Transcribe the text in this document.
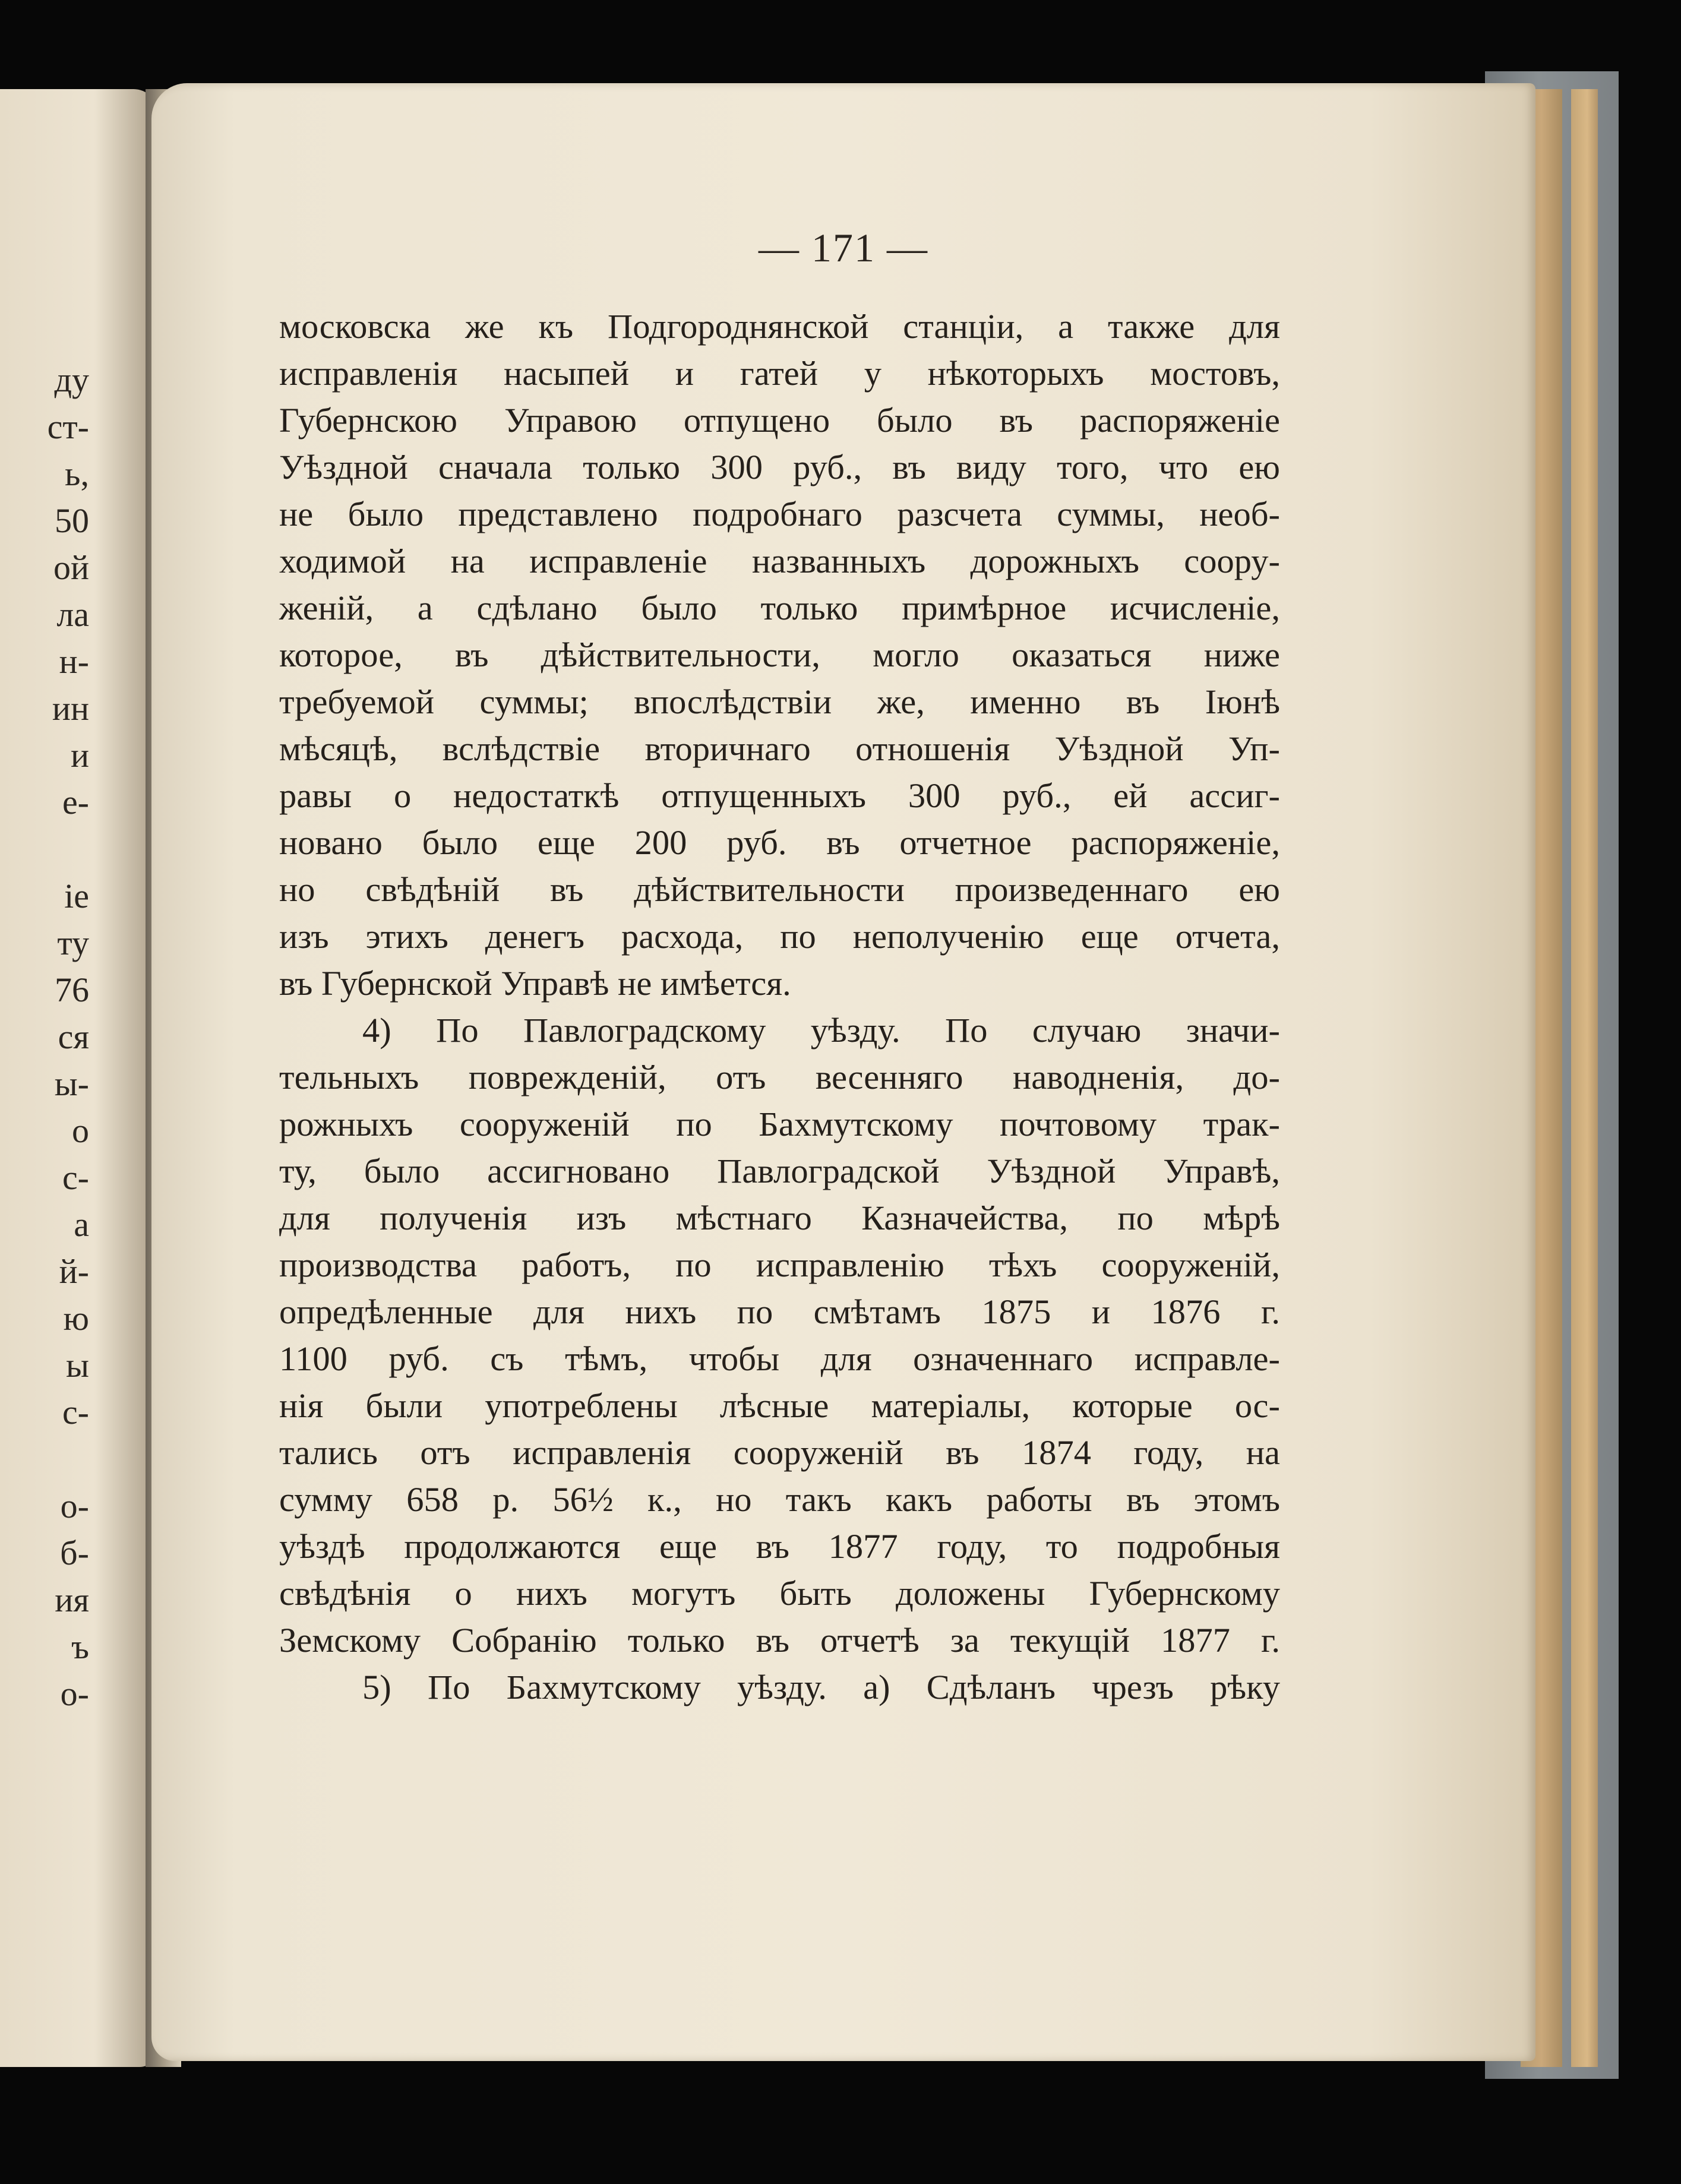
ду
ст-
ь,
50
ой
ла
н-
ин
и
е-
ie
ту
76
ся
ы-
о
с-
а
й-
ю
ы
с-
о-
б-
ия
ъ
о-
— 171 —
московска же къ Подгороднянской станціи, а также для
исправленія насыпей и гатей у нѣкоторыхъ мостовъ,
Губернскою Управою отпущено было въ распоряженіе
Уѣздной сначала только 300 руб., въ виду того, что ею
не было представлено подробнаго разсчета суммы, необ-
ходимой на исправленіе названныхъ дорожныхъ соору-
женій, а сдѣлано было только примѣрное исчисленіе,
которое, въ дѣйствительности, могло оказаться ниже
требуемой суммы; впослѣдствіи же, именно въ Іюнѣ
мѣсяцѣ, вслѣдствіе вторичнаго отношенія Уѣздной Уп-
равы о недостаткѣ отпущенныхъ 300 руб., ей ассиг-
новано было еще 200 руб. въ отчетное распоряженіе,
но свѣдѣній въ дѣйствительности произведеннаго ею
изъ этихъ денегъ расхода, по неполученію еще отчета,
въ Губернской Управѣ не имѣется.
4) По Павлоградскому уѣзду. По случаю значи-
тельныхъ поврежденій, отъ весенняго наводненія, до-
рожныхъ сооруженій по Бахмутскому почтовому трак-
ту, было ассигновано Павлоградской Уѣздной Управѣ,
для полученія изъ мѣстнаго Казначейства, по мѣрѣ
производства работъ, по исправленію тѣхъ сооруженій,
опредѣленные для нихъ по смѣтамъ 1875 и 1876 г.
1100 руб. съ тѣмъ, чтобы для означеннаго исправле-
нія были употреблены лѣсные матеріалы, которые ос-
тались отъ исправленія сооруженій въ 1874 году, на
сумму 658 р. 56½ к., но такъ какъ работы въ этомъ
уѣздѣ продолжаются еще въ 1877 году, то подробныя
свѣдѣнія о нихъ могутъ быть доложены Губернскому
Земскому Собранію только въ отчетѣ за текущій 1877 г.
5) По Бахмутскому уѣзду. а) Сдѣланъ чрезъ рѣку
